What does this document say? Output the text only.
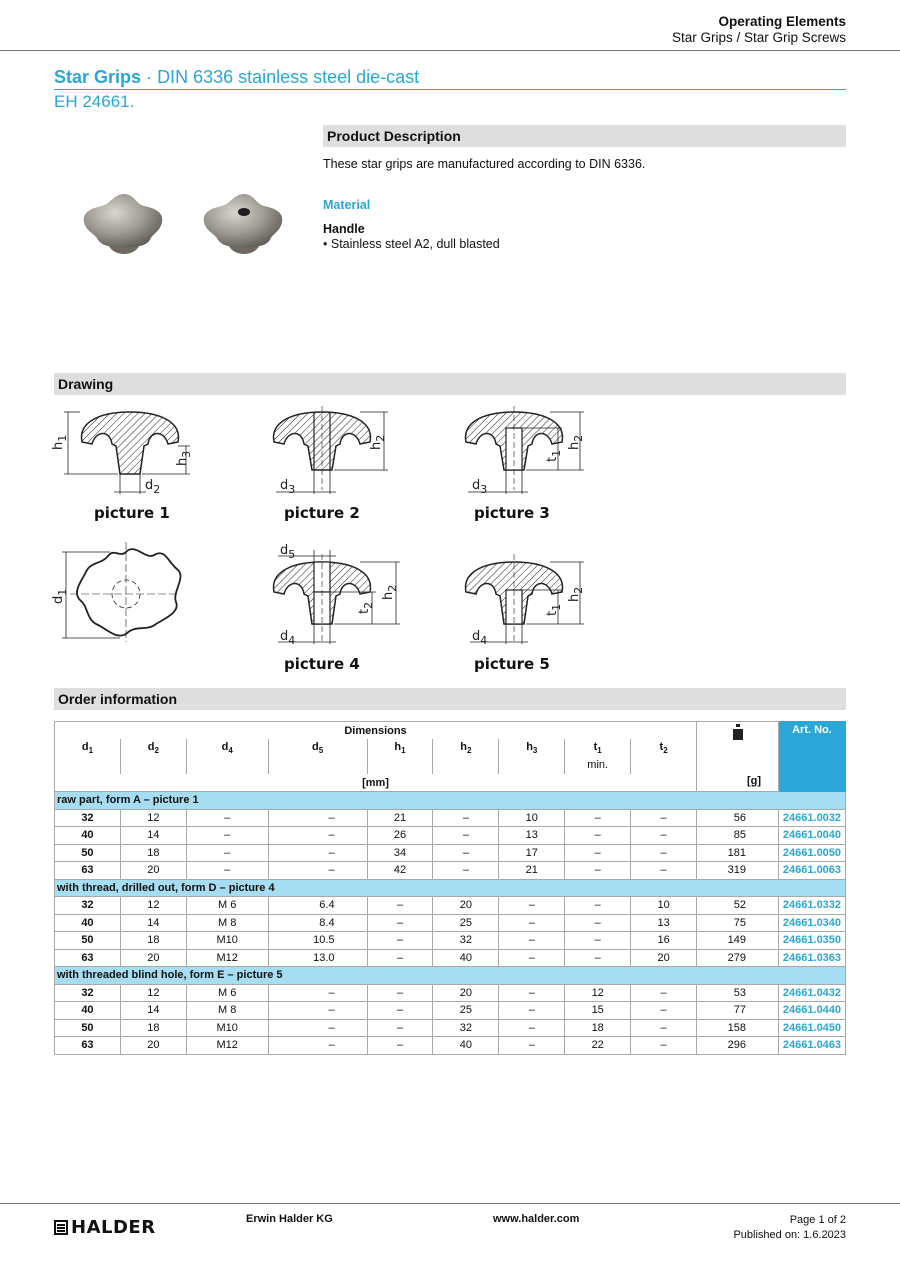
Operating Elements
Star Grips / Star Grip Screws
Star Grips · DIN 6336 stainless steel die-cast
EH 24661.
Product Description
These star grips are manufactured according to DIN 6336.
Material
Handle
• Stainless steel A2, dull blasted
Drawing
$h_1$
$h_3$
$d_2$
picture 1
$h_2$
$d_3$
picture 2
$h_2$
$t_1$
$d_3$
picture 3
$d_1$
$d_5$
$h_2$
$t_2$
$d_4$
picture 4
$h_2$
$t_1$
$d_4$
picture 5
Order information
Dimensions										Art. No.
$d_1$	$d_2$	$d_4$	$d_5$	$h_1$	$h_2$	$h_3$	$t_1$	$t_2$
							min.			
[mm]										
raw part, form A – picture 1										
32	12	–	–	21	–	10	–	–	56	24661.0032
40	14	–	–	26	–	13	–	–	85	24661.0040
50	18	–	–	34	–	17	–	–	181	24661.0050
63	20	–	–	42	–	21	–	–	319	24661.0063
with thread, drilled out, form D – picture 4										
32	12	M 6	6.4	–	20	–	–	10	52	24661.0332
40	14	M 8	8.4	–	25	–	–	13	75	24661.0340
50	18	M10	10.5	–	32	–	–	16	149	24661.0350
63	20	M12	13.0	–	40	–	–	20	279	24661.0363
with threaded blind hole, form E – picture 5										
32	12	M 6	–	–	20	–	12	–	53	24661.0432
40	14	M 8	–	–	25	–	15	–	77	24661.0440
50	18	M10	–	–	32	–	18	–	158	24661.0450
63	20	M12	–	–	40	–	22	–	296	24661.0463
[g]
HALDER	Erwin Halder KG	www.halder.com	Page 1 of 2
Published on: 1.6.2023
